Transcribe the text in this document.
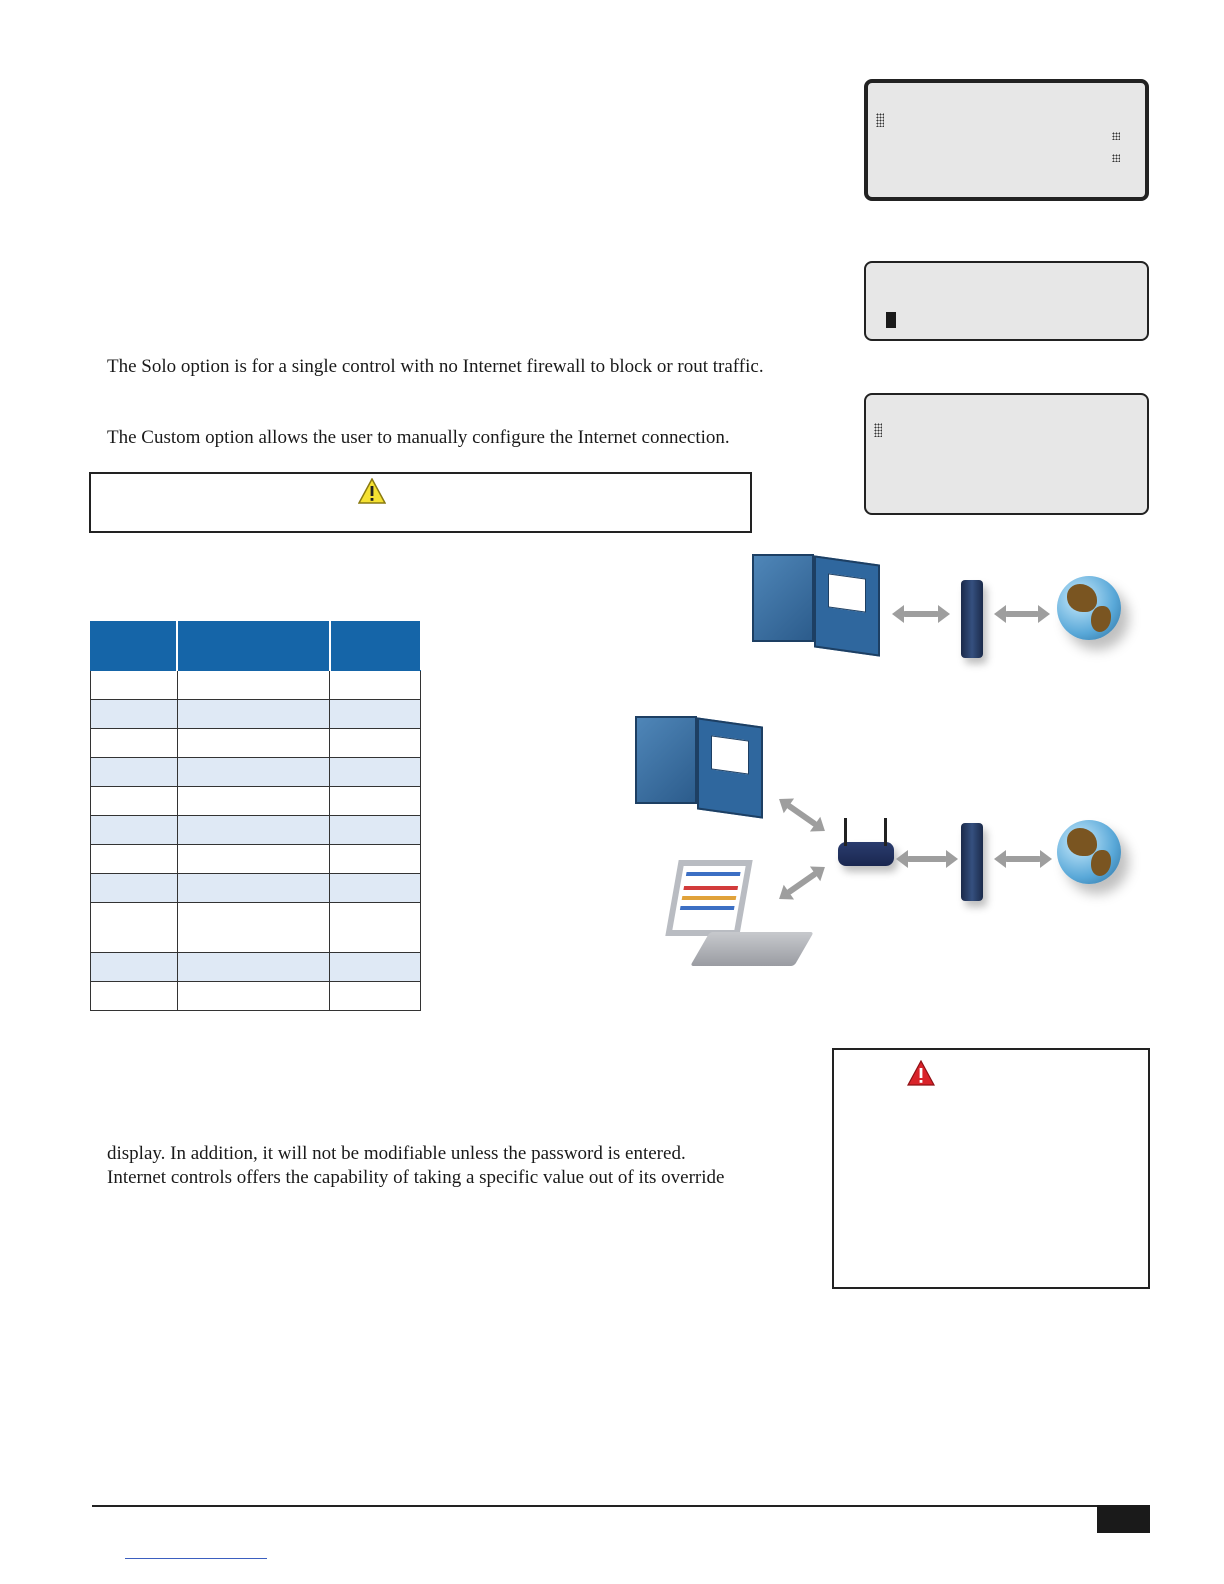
The Solo option is for a single control with no Internet firewall to block or rout traffic.
The Custom option allows the user to manually configure the Internet connection.

display. In addition, it will not be modifiable unless the password is entered.
Internet controls offers the capability of taking a specific value out of its override
